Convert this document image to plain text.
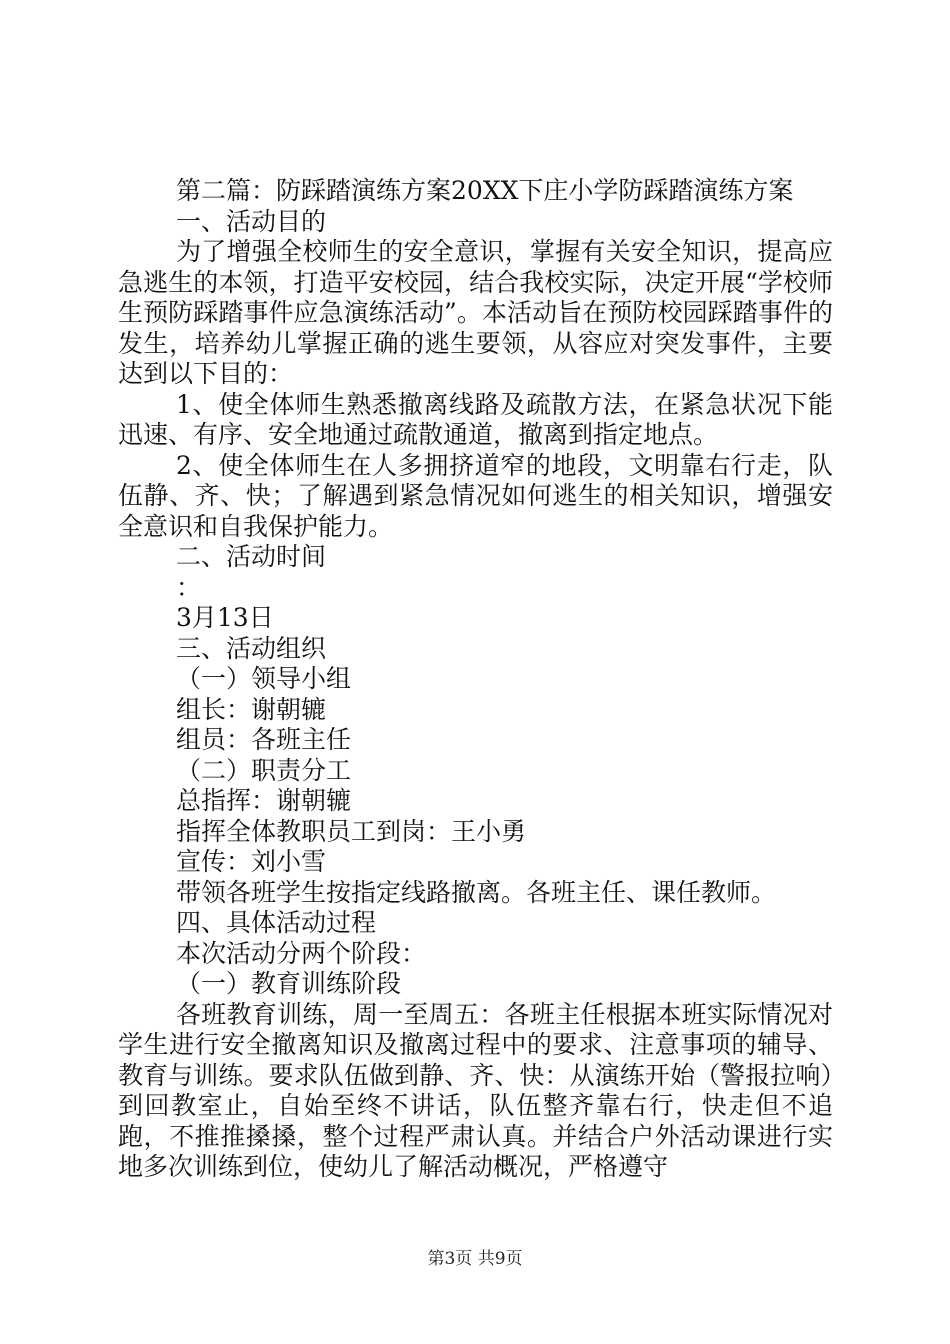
第二篇：防踩踏演练方案20XX下庄小学防踩踏演练方案
一、活动目的
为了增强全校师生的安全意识，掌握有关安全知识，提高应急逃生的本领，打造平安校园，结合我校实际，决定开展“学校师生预防踩踏事件应急演练活动”。本活动旨在预防校园踩踏事件的发生，培养幼儿掌握正确的逃生要领，从容应对突发事件，主要达到以下目的：
1、使全体师生熟悉撤离线路及疏散方法，在紧急状况下能迅速、有序、安全地通过疏散通道，撤离到指定地点。
2、使全体师生在人多拥挤道窄的地段，文明靠右行走，队伍静、齐、快；了解遇到紧急情况如何逃生的相关知识，增强安全意识和自我保护能力。
二、活动时间
：
3月13日
三、活动组织
（一）领导小组
组长：谢朝辘
组员：各班主任
（二）职责分工
总指挥：谢朝辘
指挥全体教职员工到岗：王小勇
宣传：刘小雪
带领各班学生按指定线路撤离。各班主任、课任教师。
四、具体活动过程
本次活动分两个阶段：
（一）教育训练阶段
各班教育训练，周一至周五：各班主任根据本班实际情况对学生进行安全撤离知识及撤离过程中的要求、注意事项的辅导、教育与训练。要求队伍做到静、齐、快：从演练开始（警报拉响）到回教室止，自始至终不讲话，队伍整齐靠右行，快走但不追跑，不推推搡搡，整个过程严肃认真。并结合户外活动课进行实地多次训练到位，使幼儿了解活动概况，严格遵守
第3页 共9页
